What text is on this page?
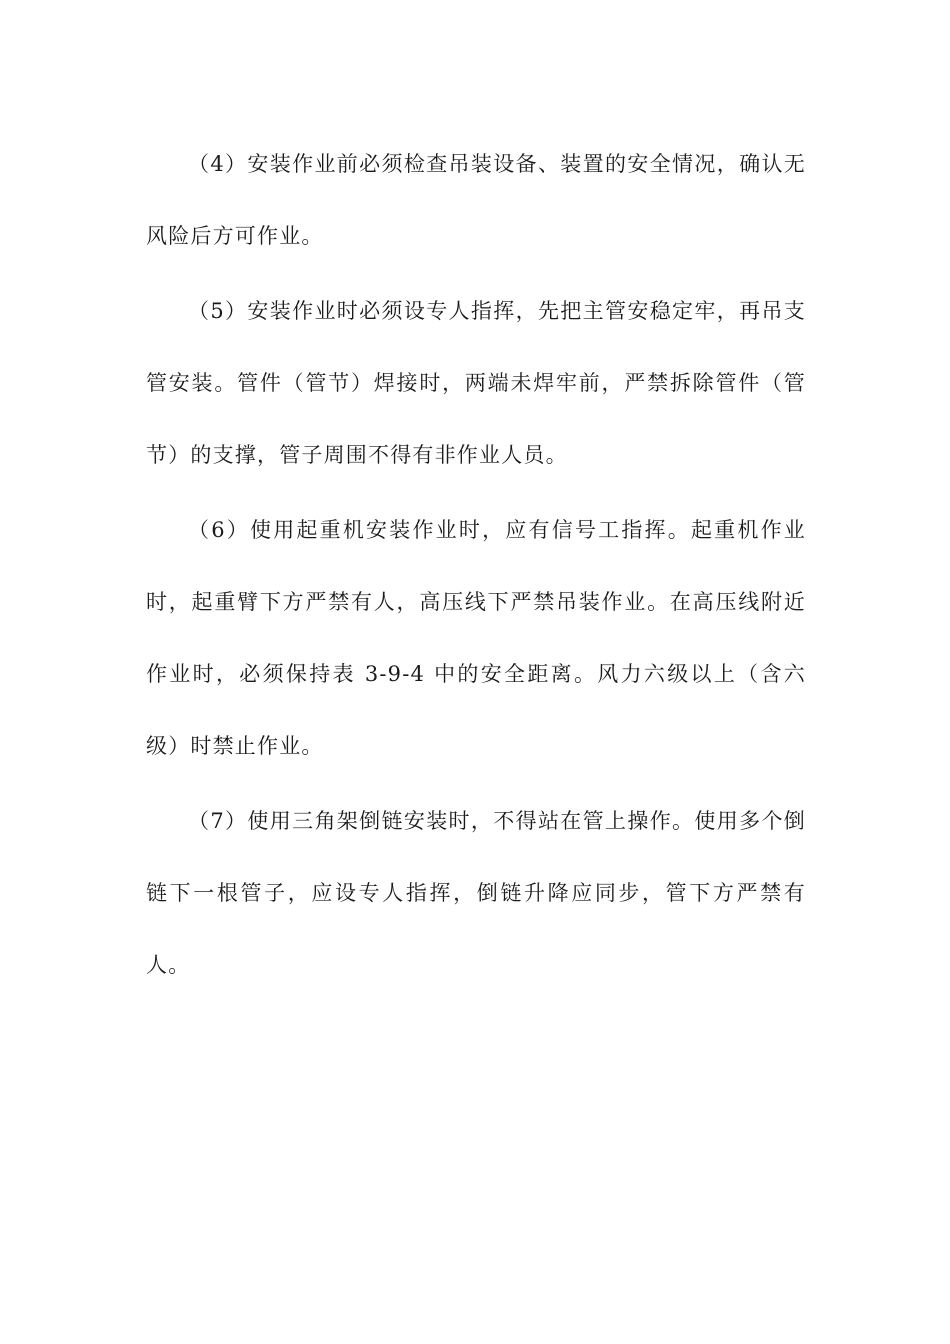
（4）安装作业前必须检查吊装设备、装置的安全情况，确认无风险后方可作业。

（5）安装作业时必须设专人指挥，先把主管安稳定牢，再吊支管安装。管件（管节）焊接时，两端未焊牢前，严禁拆除管件（管节）的支撑，管子周围不得有非作业人员。

（6）使用起重机安装作业时，应有信号工指挥。起重机作业时，起重臂下方严禁有人，高压线下严禁吊装作业。在高压线附近作业时，必须保持表 3-9-4 中的安全距离。风力六级以上（含六级）时禁止作业。

（7）使用三角架倒链安装时，不得站在管上操作。使用多个倒链下一根管子，应设专人指挥，倒链升降应同步，管下方严禁有人。
